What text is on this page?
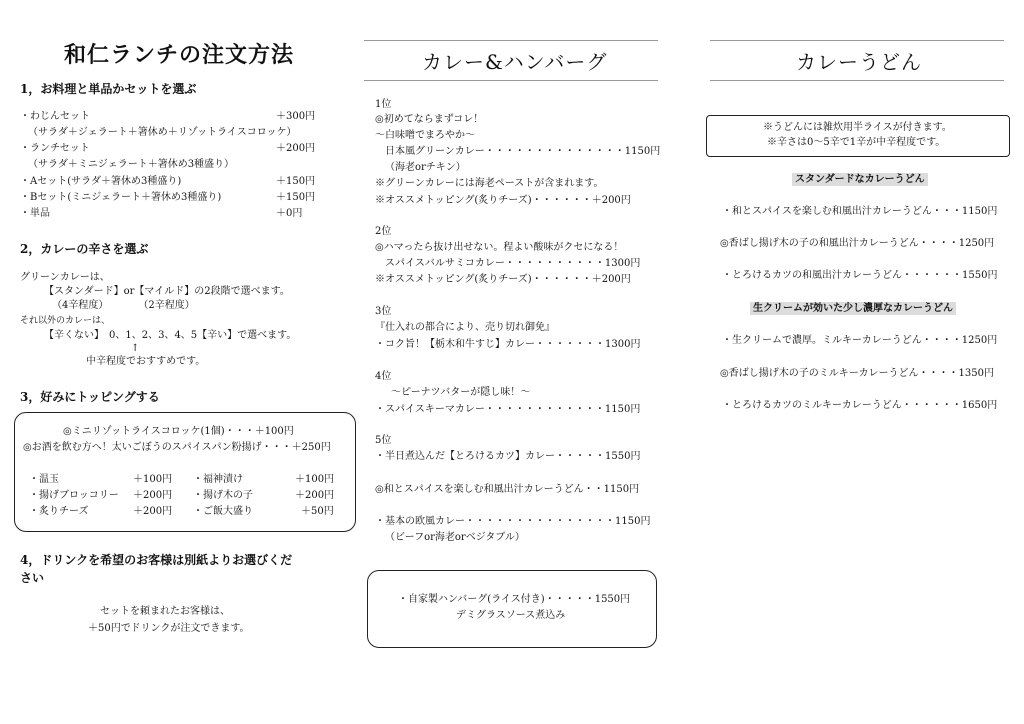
和仁ランチの注文方法
1，お料理と単品かセットを選ぶ
・わじんセット	＋300円
（サラダ＋ジェラート＋箸休め＋リゾットライスコロッケ）
・ランチセット	＋200円
（サラダ＋ミニジェラート＋箸休め3種盛り）
・Aセット(サラダ＋箸休め3種盛り)	＋150円
・Bセット(ミニジェラート＋箸休め3種盛り)	＋150円
・単品	＋0円
2，カレーの辛さを選ぶ
グリーンカレーは、
【スタンダード】or【マイルド】の2段階で選べます。
（4辛程度）　　　　（2辛程度）
それ以外のカレーは、
【辛くない】　0、1、2、3、4、5【辛い】で選べます。
↑
中辛程度でおすすめです。
3，好みにトッピングする
◎ミニリゾットライスコロッケ(1個)・・・＋100円
◎お酒を飲む方へ！太いごぼうのスパイスパン粉揚げ・・・＋250円
・温玉	＋100円 ・福神漬け	＋100円
・揚げブロッコリー ＋200円 ・揚げ木の子	＋200円
・炙りチーズ	＋200円 ・ご飯大盛り	＋50円
4，ドリンクを希望のお客様は別紙よりお選びくだ
さい
セットを頼まれたお客様は、
＋50円でドリンクが注文できます。
カレー&ハンバーグ
1位
◎初めてならまずコレ！
～白味噌でまろやか～
日本風グリーンカレー・・・・・・・・・・・・・・1150円
（海老orチキン）
※グリーンカレーには海老ペーストが含まれます。
※オススメトッピング(炙りチーズ)・・・・・・＋200円
2位
◎ハマったら抜け出せない。程よい酸味がクセになる！
スパイスバルサミコカレー・・・・・・・・・・1300円
※オススメトッピング(炙りチーズ)・・・・・・＋200円
3位
『仕入れの都合により、売り切れ御免』
・コク旨！【栃木和牛すじ】カレー・・・・・・・1300円
4位
～ピーナツバターが隠し味！～
・スパイスキーマカレー・・・・・・・・・・・・1150円
5位
・半日煮込んだ【とろけるカツ】カレー・・・・・1550円
◎和とスパイスを楽しむ和風出汁カレーうどん・・1150円
・基本の欧風カレー・・・・・・・・・・・・・・・1150円
（ビーフor海老orベジタブル）
・自家製ハンバーグ(ライス付き)・・・・・1550円
デミグラスソース煮込み
カレーうどん
※うどんには雑炊用半ライスが付きます。
※辛さは0～5辛で1辛が中辛程度です。
スタンダードなカレーうどん
・和とスパイスを楽しむ和風出汁カレーうどん・・・1150円
◎香ばし揚げ木の子の和風出汁カレーうどん・・・・1250円
・とろけるカツの和風出汁カレーうどん・・・・・・1550円
生クリームが効いた少し濃厚なカレーうどん
・生クリームで濃厚。ミルキーカレーうどん・・・・1250円
◎香ばし揚げ木の子のミルキーカレーうどん・・・・1350円
・とろけるカツのミルキーカレーうどん・・・・・・1650円
